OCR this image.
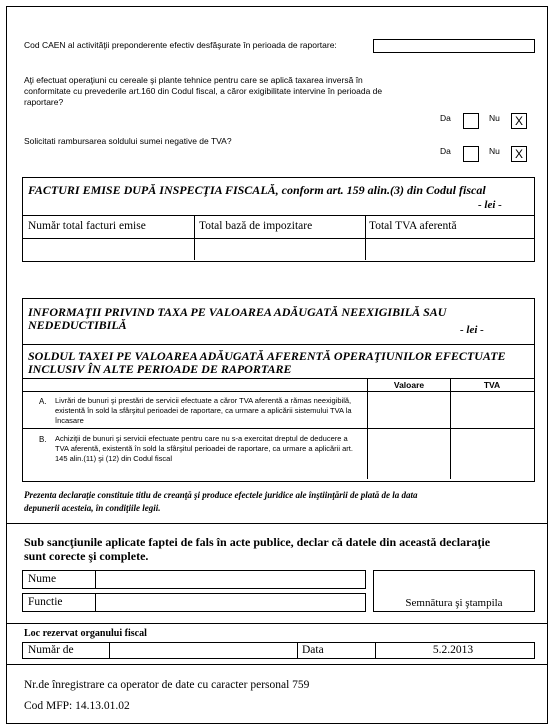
Cod CAEN al activităţii preponderente efectiv desfăşurate în perioada de raportare:
Aţi efectuat operaţiuni cu cereale şi plante tehnice pentru care se aplică taxarea inversă în conformitate cu prevederile art.160 din Codul fiscal, a căror exigibilitate intervine în perioada de raportare?
Da	Nu	X
Solicitati rambursarea soldului sumei negative de TVA?
Da	Nu	X
FACTURI EMISE DUPĂ INSPECŢIA FISCALĂ, conform art. 159 alin.(3) din Codul fiscal
- lei -
Număr total facturi emise	Total bază de impozitare	Total TVA aferentă
INFORMAŢII PRIVIND TAXA PE VALOAREA ADĂUGATĂ NEEXIGIBILĂ SAU NEDEDUCTIBILĂ	- lei -
SOLDUL TAXEI PE VALOAREA ADĂUGATĂ AFERENTĂ OPERAŢIUNILOR EFECTUATE INCLUSIV ÎN ALTE PERIOADE DE RAPORTARE
Valoare	TVA
A. Livrări de bunuri şi prestări de servicii efectuate a căror TVA aferentă a rămas neexigibilă, existentă în sold la sfârşitul perioadei de raportare, ca urmare a aplicării sistemului TVA la încasare
B. Achiziţii de bunuri şi servicii efectuate pentru care nu s-a exercitat dreptul de deducere a TVA aferentă, existentă în sold la sfârşitul perioadei de raportare, ca urmare a aplicării art. 145 alin.(11) şi (12) din Codul fiscal
Prezenta declaraţie constituie titlu de creanţă şi produce efectele juridice ale înştiinţării de plată de la data depunerii acesteia, în condiţiile legii.
Sub sancţiunile aplicate faptei de fals în acte publice, declar că datele din această declaraţie sunt corecte şi complete.
Nume
Functie	Semnătura şi ştampila
Loc rezervat organului fiscal
Număr de	Data	5.2.2013
Nr.de înregistrare ca operator de date cu caracter personal 759
Cod MFP: 14.13.01.02
